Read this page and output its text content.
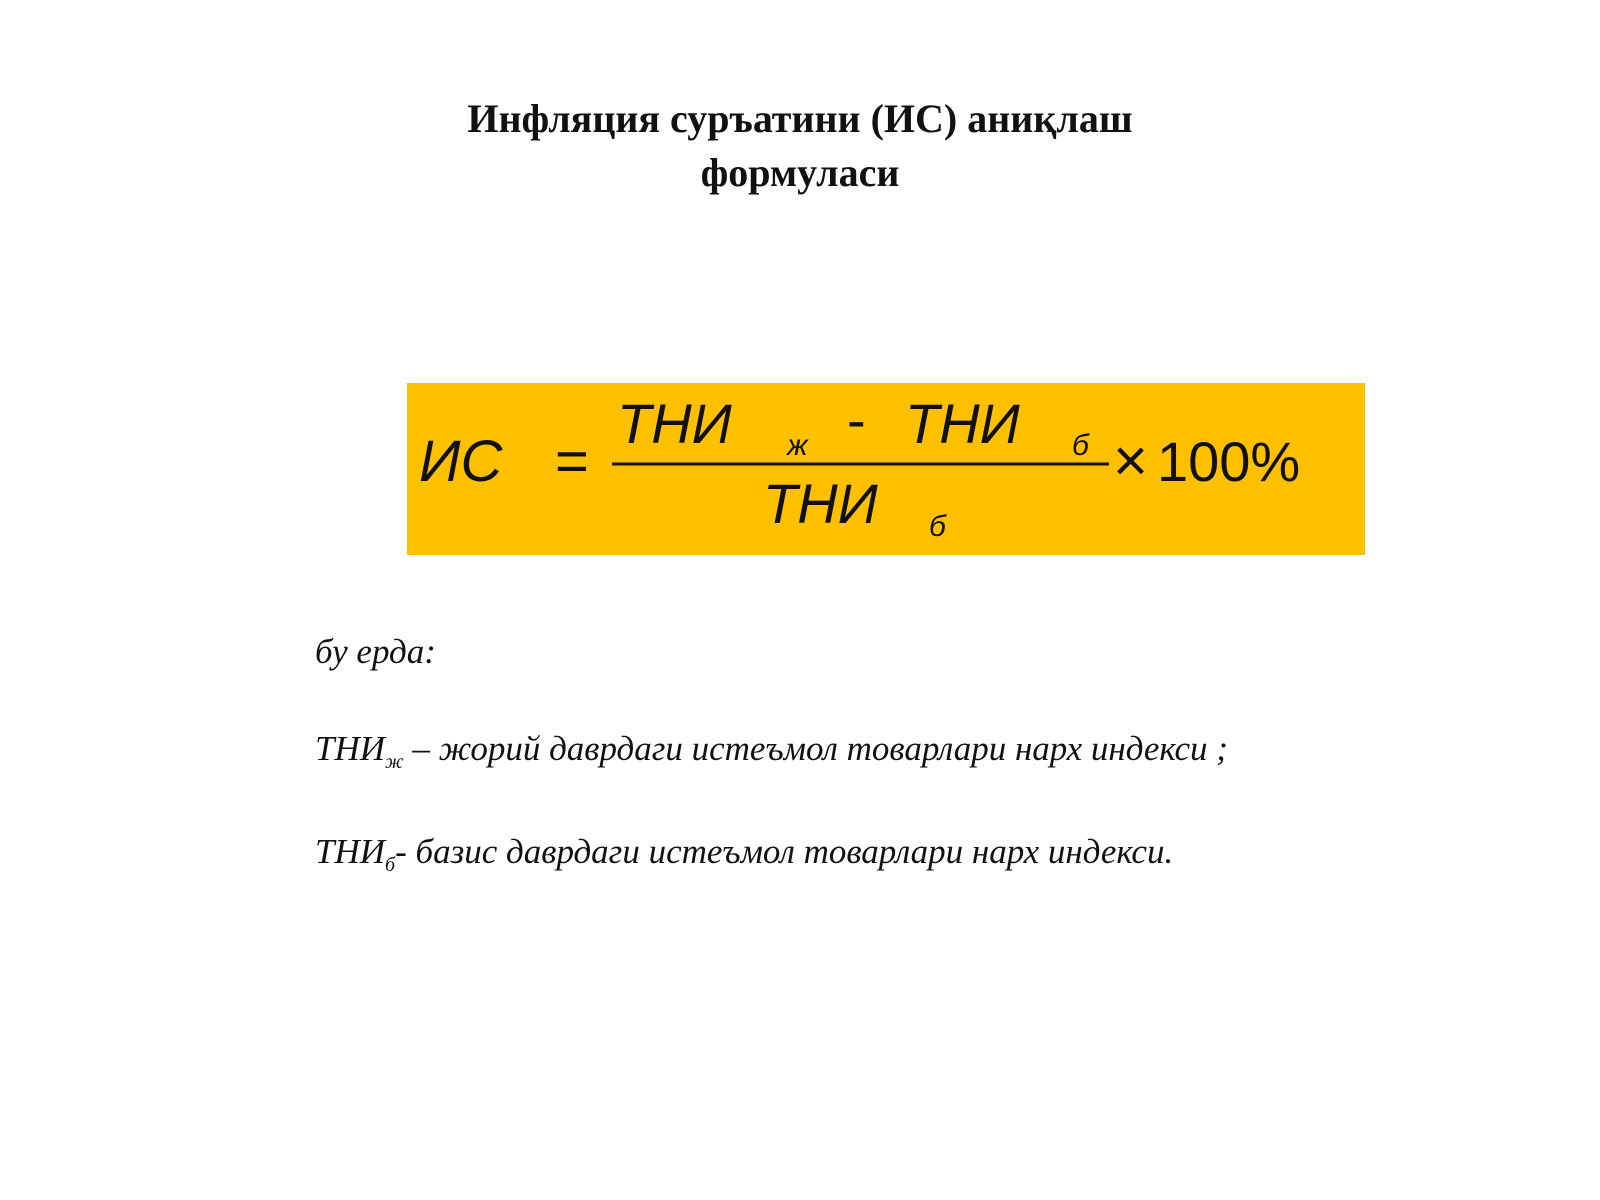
Инфляция суръатини (ИС) аниқлаш
формуласи
ИС =
ТНИ ж - ТНИ б
ТНИ б
× 100%

бу ерда:

$ТНИ_ж$ – жорий даврдаги истеъмол товарлари нарх индекси ;

$ТНИ_б-$ базис даврдаги истеъмол товарлари нарх индекси.
